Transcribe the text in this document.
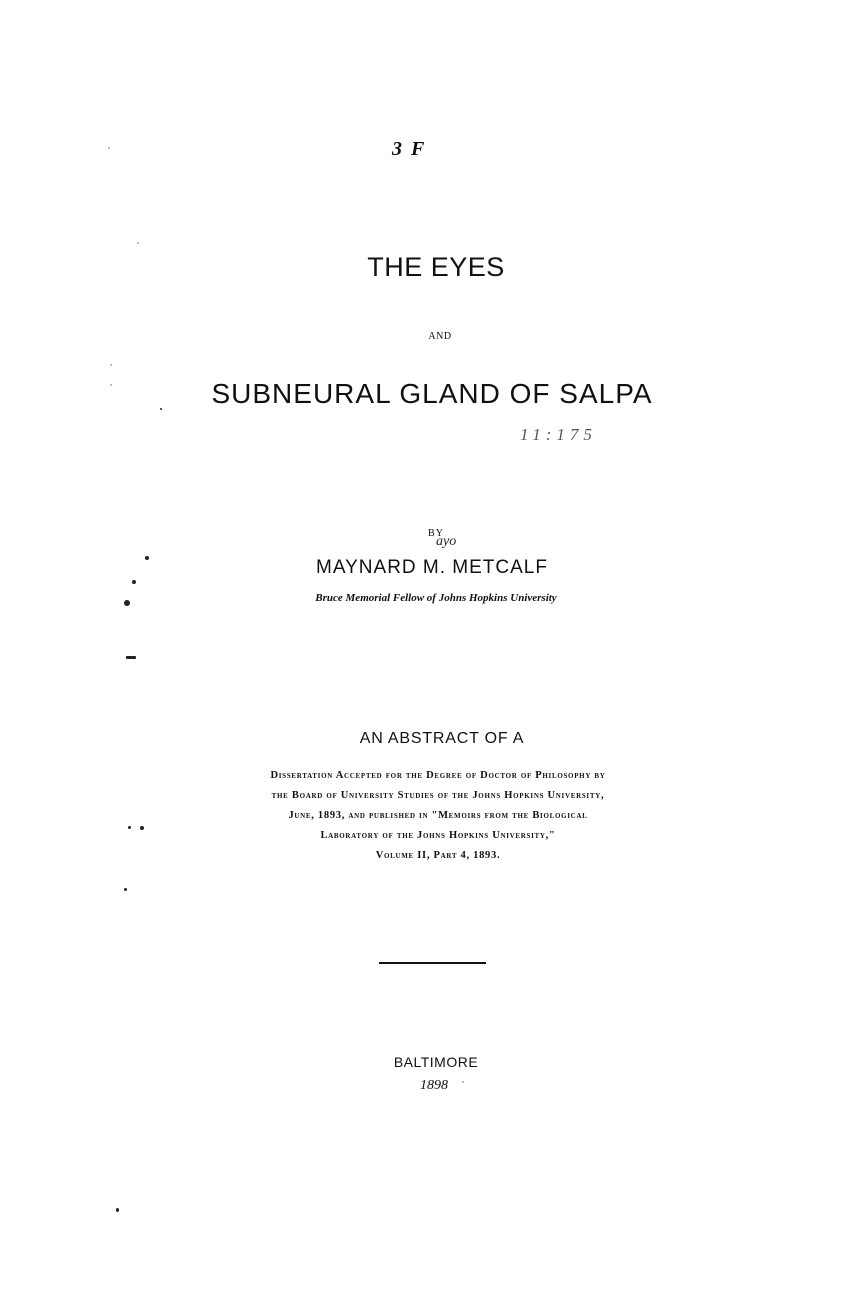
3 F
THE EYES
AND
SUBNEURAL GLAND OF SALPA
11:175
BY
ayo
MAYNARD M. METCALF
Bruce Memorial Fellow of Johns Hopkins University
AN ABSTRACT OF A
Dissertation Accepted for the Degree of Doctor of Philosophy by
the Board of University Studies of the Johns Hopkins University,
June, 1893, and published in "Memoirs from the Biological
Laboratory of the Johns Hopkins University,"
Volume II, Part 4, 1893.
BALTIMORE
1898
